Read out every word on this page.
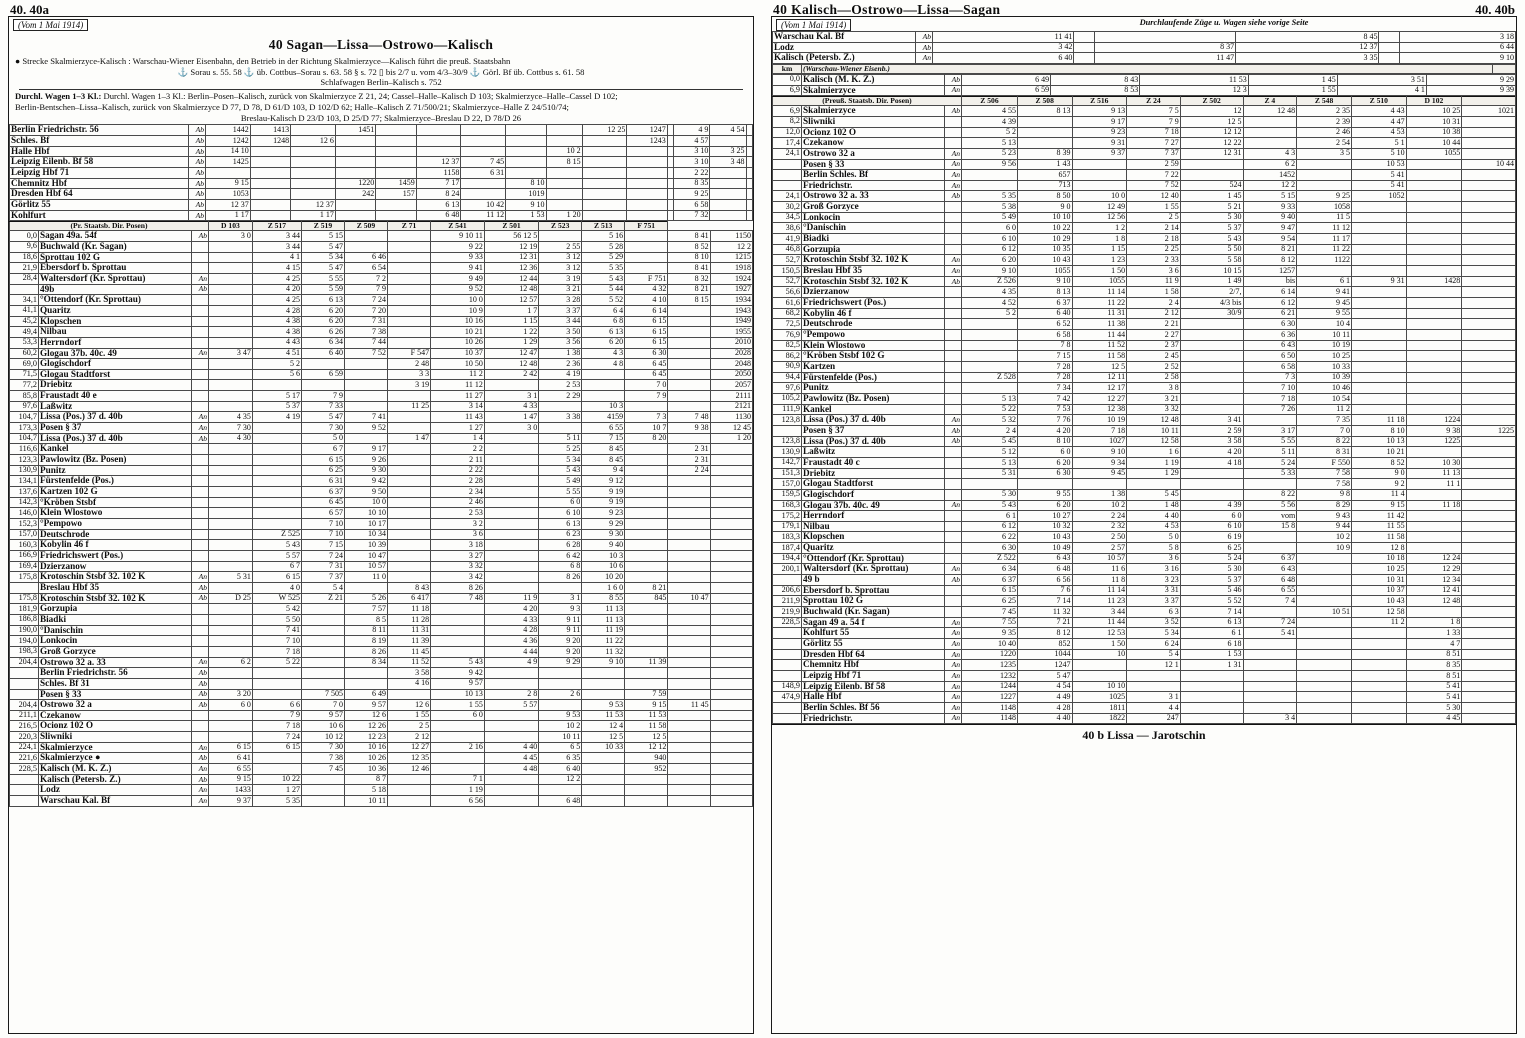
40. 40a
(Vom 1 Mai 1914)
40 Sagan—Lissa—Ostrowo—Kalisch
● Strecke Skalmierzyce-Kalisch : Warschau-Wiener Eisenbahn, den Betrieb in der Richtung Skalmierzyce—Kalisch führt die preuß. Staatsbahn
⚓ Sorau s. 55. 58 ⚓ üb. Cottbus–Sorau s. 63. 58 § s. 72 ▯ bis 2/7 u. vom 4/3–30/9 ⚓ Görl. Bf üb. Cottbus s. 61. 58
Schlafwagen Berlin–Kalisch s. 752
Durchl. Wagen 1–3 Kl.: Durchl. Wagen 1–3 Kl.: Berlin–Posen–Kalisch, zurück von Skalmierzyce Z 21, 24; Cassel–Halle–Kalisch D 103; Skalmierzyce–Halle–Cassel D 102;
Berlin-Bentschen–Lissa–Kalisch, zurück von Skalmierzyce D 77, D 78, D 61/D 103, D 102/D 62; Halle–Kalisch Z 71/500/21; Skalmierzyce–Halle Z 24/510/74;
Breslau-Kalisch D 23/D 103, D 25/D 77; Skalmierzyce–Breslau D 22, D 78/D 26
Berlin Friedrichstr. 56	Ab	1442	1413		1451						12 25	1247		4 9	4 54	
Schles. Bf	Ab	1242	1248	12 6								1243		4 57		
Halle Hbf	Ab	14 10								10 2				3 10	3 25	
Leipzig Eilenb. Bf 58	Ab	1425					12 37	7 45		8 15				3 10	3 48	
Leipzig Hbf 71	Ab						1158	6 31						2 22		
Chemnitz Hbf	Ab	9 15			1220	1459	7 17		8 10					8 35		
Dresden Hbf 64	Ab	1053			242	157	8 24		1019					9 25		
Görlitz 55	Ab	12 37		12 37			6 13	10 42	9 10					6 58		
Kohlfurt	Ab	1 17		1 17			6 48	11 12	1 53	1 20				7 32		
(Pr. Staatsb. Dir. Posen)			D 103	Z 517	Z 519	Z 509	Z 71	Z 541	Z 501	Z 523	Z 513	F 751		
0,0	Sagan 49a. 54f	Ab	3 0	3 44	5 15			9 10 11	56 12 5		5 16		8 41	1150
9,6	Buchwald (Kr. Sagan)			3 44	5 47			9 22	12 19	2 55	5 28		8 52	12 2
18,6	Sprottau 102 G			4 1	5 34	6 46		9 33	12 31	3 12	5 29		8 10	1215
21,9	Ebersdorf b. Sprottau			4 15	5 47	6 54		9 41	12 36	3 12	5 35		8 41	1918
28,4	Waltersdorf (Kr. Sprottau)	An		4 25	5 55	7 2		9 49	12 44	3 19	5 43	F 751	8 32	1924
	49b	Ab		4 20	5 59	7 9		9 52	12 48	3 21	5 44	4 32	8 21	1927
34,1	°Ottendorf (Kr. Sprottau)			4 25	6 13	7 24		10 0	12 57	3 28	5 52	4 10	8 15	1934
41,1	Quaritz			4 28	6 20	7 20		10 9	1 7	3 37	6 4	6 14		1943
45,2	Klopschen			4 38	6 20	7 31		10 16	1 15	3 44	6 8	6 15		1949
49,4	Nilbau			4 38	6 26	7 38		10 21	1 22	3 50	6 13	6 15		1955
53,3	Herrndorf			4 43	6 34	7 44		10 26	1 29	3 56	6 20	6 15		2010
60,2	Glogau 37b. 40c. 49	An	3 47	4 51	6 40	7 52	F 547	10 37	12 47	1 38	4 3	6 30		2028
69,0	Glogischdorf			5 2			2 48	10 50	12 48	2 36	4 8	6 45		2048
71,5	Glogau Stadtforst			5 6	6 59		3 3	11 2	2 42	4 19		6 45		2050
77,2	Driebitz						3 19	11 12		2 53		7 0		2057
85,8	Fraustadt 40 e			5 17	7 9			11 27	3 1	2 29		7 9		2111
97,6	Laßwitz			5 37	7 33		11 25	3 14	4 33		10 3			2121
104,7	Lissa (Pos.) 37 d. 40b	An	4 35	4 19	5 47	7 41		11 43	1 47	3 38	4159	7 3	7 48	1130
173,3	Posen § 37	An	7 30		7 30	9 52		1 27	3 0		6 55	10 7	9 38	12 45
104,7	Lissa (Pos.) 37 d. 40b	Ab	4 30		5 0		1 47	1 4		5 11	7 15	8 20		1 20
116,6	Kankel				6 7	9 17		2 2		5 25	8 45		2 31	
123,3	Pawlowitz (Bz. Posen)				6 15	9 26		2 11		5 34	8 45		2 31	
130,9	Punitz				6 25	9 30		2 22		5 43	9 4		2 24	
134,1	Fürstenfelde (Pos.)				6 31	9 42		2 28		5 49	9 12			
137,6	Kartzen 102 G				6 37	9 50		2 34		5 55	9 19			
142,3	°Kröben Stsbf				6 45	10 0		2 46		6 0	9 19			
146,0	Klein Wlostowo				6 57	10 10		2 53		6 10	9 23			
152,3	°Pempowo				7 10	10 17		3 2		6 13	9 29			
157,0	Deutschrode			Z 525	7 10	10 34		3 6		6 23	9 30			
160,3	Kobylin 46 f			5 43	7 15	10 39		3 18		6 28	9 40			
166,9	Friedrichswert (Pos.)			5 57	7 24	10 47		3 27		6 42	10 3			
169,4	Dzierzanow			6 7	7 31	10 57		3 32		6 8	10 6			
175,8	Krotoschin Stsbf 32. 102 K	An	5 31	6 15	7 37	11 0		3 42		8 26	10 20			
	Breslau Hbf 35	Ab		4 0	5 4		8 43	8 26			1 6 0	8 21		
175,8	Krotoschin Stsbf 32. 102 K	Ab	D 25	W 525	Z 21	5 26	6 417	7 48	11 9	3 1	8 55	845	10 47	
181,9	Gorzupia			5 42		7 57	11 18		4 20	9 3	11 13			
186,8	Biadki			5 50		8 5	11 28		4 33	9 11	11 13			
190,0	°Danischin			7 41		8 11	11 31		4 28	9 11	11 19			
194,0	Lonkocin			7 10		8 19	11 39		4 36	9 20	11 22			
198,3	Groß Gorzyce			7 18		8 26	11 45		4 44	9 20	11 32			
204,4	Ostrowo 32 a. 33	An	6 2	5 22		8 34	11 52	5 43	4 9	9 29	9 10	11 39		
	Berlin Friedrichstr. 56	Ab					3 58	9 42						
	Schles. Bf 31	Ab					4 16	9 57						
	Posen § 33	Ab	3 20		7 505	6 49		10 13	2 8	2 6		7 59		
204,4	Ostrowo 32 a	Ab	6 0	6 6	7 0	9 57	12 6	1 55	5 57		9 53	9 15	11 45	
211,1	Czekanow			7 9	9 57	12 6	1 55	6 0		9 53	11 53	11 53		
216,5	Ocionz 102 O			7 18	10 6	12 26	2 5			10 2	12 4	11 58		
220,3	Sliwniki			7 24	10 12	12 23	2 12			10 11	12 5	12 5		
224,1	Skalmierzyce	An	6 15	6 15	7 30	10 16	12 27	2 16	4 40	6 5	10 33	12 12		
221,6	Skalmierzyce ●	Ab	6 41		7 38	10 26	12 35		4 45	6 35		940		
228,5	Kalisch (M. K. Z.)	An	6 55		7 45	10 36	12 46		4 48	6 40		952		
	Kalisch (Petersb. Z.)	Ab	9 15	10 22		8 7		7 1		12 2				
	Lodz	An	1433	1 27		5 18		1 19						
	Warschau Kal. Bf	An	9 37	5 35		10 11		6 56		6 48				
40 Kalisch—Ostrowo—Lissa—Sagan	40. 40b
(Vom 1 Mai 1914)	Durchlaufende Züge u. Wagen siehe vorige Seite
Warschau Kal. Bf	Ab	11 41			8 45		3 18
Lodz	Ab	3 42		8 37	12 37		6 44
Kalisch (Petersb. Z.)	An	6 40		11 47	3 35		9 10
km	(Warschau-Wiener Eisenb.)	
0,0	Kalisch (M. K. Z.)	Ab	6 49	8 43	11 53	1 45	3 51	9 29
6,9	Skalmierzyce	An	6 59	8 53	12 3	1 55	4 1	9 39
(Preuß. Staatsb. Dir. Posen)			Z 506	Z 508	Z 516	Z 24	Z 502	Z 4	Z 548	Z 510	D 102	
6,9	Skalmierzyce	Ab	4 55	8 13	9 13	7 5	12	12 48	2 35	4 43	10 25	1021
8,2	Sliwniki		4 39		9 17	7 9	12 5		2 39	4 47	10 31	
12,0	Ocionz 102 O		5 2		9 23	7 18	12 12		2 46	4 53	10 38	
17,4	Czekanow		5 13		9 31	7 27	12 22		2 54	5 1	10 44	
24,1	Ostrowo 32 a	An	5 23	8 39	9 37	7 37	12 31	4 3	3 5	5 10	1055	
	Posen § 33	An	9 56	1 43		2 59		6 2		10 53		10 44
	Berlin Schles. Bf	An		657		7 22		1452		5 41		
	Friedrichstr.	An		713		7 52	524	12 2		5 41		
24,1	Ostrowo 32 a. 33	Ab	5 35	8 50	10 0	12 40	1 45	5 15	9 25	1052		
30,2	Groß Gorzyce		5 38	9 0	12 49	1 55	5 21	9 33	1058			
34,5	Lonkocin		5 49	10 10	12 56	2 5	5 30	9 40	11 5			
38,6	°Danischin		6 0	10 22	1 2	2 14	5 37	9 47	11 12			
41,9	Biadki		6 10	10 29	1 8	2 18	5 43	9 54	11 17			
46,8	Gorzupia		6 12	10 35	1 15	2 25	5 50	8 21	11 22			
52,7	Krotoschin Stsbf 32. 102 K	An	6 20	10 43	1 23	2 33	5 58	8 12	1122			
150,5	Breslau Hbf 35	An	9 10	1055	1 50	3 6	10 15	1257				
52,7	Krotoschin Stsbf 32. 102 K	Ab	Z 526	9 10	1055	11 9	1 49	bis	6 1	9 31	1428	
56,6	Dzierzanow		4 35	8 13	11 14	1 58	2/7,	6 14	9 41			
61,6	Friedrichswert (Pos.)		4 52	6 37	11 22	2 4	4/3 bis	6 12	9 45			
68,2	Kobylin 46 f		5 2	6 40	11 31	2 12	30/9	6 21	9 55			
72,5	Deutschrode			6 52	11 38	2 21		6 30	10 4			
76,9	°Pempowo			6 58	11 44	2 27		6 36	10 11			
82,5	Klein Wlostowo			7 8	11 52	2 37		6 43	10 19			
86,2	°Kröben Stsbf 102 G			7 15	11 58	2 45		6 50	10 25			
90,9	Kartzen			7 28	12 5	2 52		6 58	10 33			
94,4	Fürstenfelde (Pos.)		Z 528	7 28	12 11	2 58		7 3	10 39			
97,6	Punitz			7 34	12 17	3 8		7 10	10 46			
105,2	Pawlowitz (Bz. Posen)		5 13	7 42	12 27	3 21		7 18	10 54			
111,9	Kankel		5 22	7 53	12 38	3 32		7 26	11 2			
123,8	Lissa (Pos.) 37 d. 40b	An	5 32	7 76	10 19	12 48	3 41		7 35	11 18	1224	
	Posen § 37	Ab	2 4	4 20	7 18	10 11	2 59	3 17	7 0	8 10	9 38	1225
123,8	Lissa (Pos.) 37 d. 40b	Ab	5 45	8 10	1027	12 58	3 58	5 55	8 22	10 13	1225	
130,9	Laßwitz		5 12	6 0	9 10	1 6	4 20	5 11	8 31	10 21		
142,7	Fraustadt 40 c		5 13	6 20	9 34	1 19	4 18	5 24	F 550	8 52	10 30	
151,3	Driebitz		5 31	6 30	9 45	1 29		5 33	7 58	9 0	11 13	
157,0	Glogau Stadtforst								7 58	9 2	11 1	
159,5	Glogischdorf		5 30	9 55	1 38	5 45		8 22	9 8	11 4		
168,3	Glogau 37b. 40c. 49	An	5 43	6 20	10 2	1 48	4 39	5 56	8 29	9 15	11 18	
175,2	Herrndorf		6 1	10 27	2 24	4 40	6 0	vom	9 43	11 42		
179,1	Nilbau		6 12	10 32	2 32	4 53	6 10	15 8	9 44	11 55		
183,3	Klopschen		6 22	10 43	2 50	5 0	6 19		10 2	11 58		
187,4	Quaritz		6 30	10 49	2 57	5 8	6 25		10 9	12 8		
194,4	°Ottendorf (Kr. Sprottau)		Z 522	6 43	10 57	3 6	5 24	6 37		10 18	12 24	
200,1	Waltersdorf (Kr. Sprottau)	An	6 34	6 48	11 6	3 16	5 30	6 43		10 25	12 29	
	49 b	Ab	6 37	6 56	11 8	3 23	5 37	6 48		10 31	12 34	
206,6	Ebersdorf b. Sprottau		6 15	7 6	11 14	3 31	5 46	6 55		10 37	12 41	
211,9	Sprottau 102 G		6 25	7 14	11 23	3 37	5 52	7 4		10 43	12 48	
219,9	Buchwald (Kr. Sagan)		7 45	11 32	3 44	6 3	7 14		10 51	12 58		
228,5	Sagan 49 a. 54 f	An	7 55	7 21	11 44	3 52	6 13	7 24		11 2	1 8	
	Kohlfurt 55	An	9 35	8 12	12 53	5 34	6 1	5 41			1 33	
	Görlitz 55	An	10 40	852	1 50	6 24	6 18				4 7	
	Dresden Hbf 64	An	1220	1044	10	5 4	1 53				8 51	
	Chemnitz Hbf	An	1235	1247		12 1	1 31				8 35	
	Leipzig Hbf 71	An	1232	5 47							8 51	
148,9	Leipzig Eilenb. Bf 58	An	1244	4 54	10 10						5 41	
474,9	Halle Hbf	An	1227	4 49	1025	3 1					5 41	
	Berlin Schles. Bf 56	An	1148	4 28	1811	4 4					5 30	
	Friedrichstr.	An	1148	4 40	1822	247		3 4			4 45	
40 b Lissa — Jarotschin
